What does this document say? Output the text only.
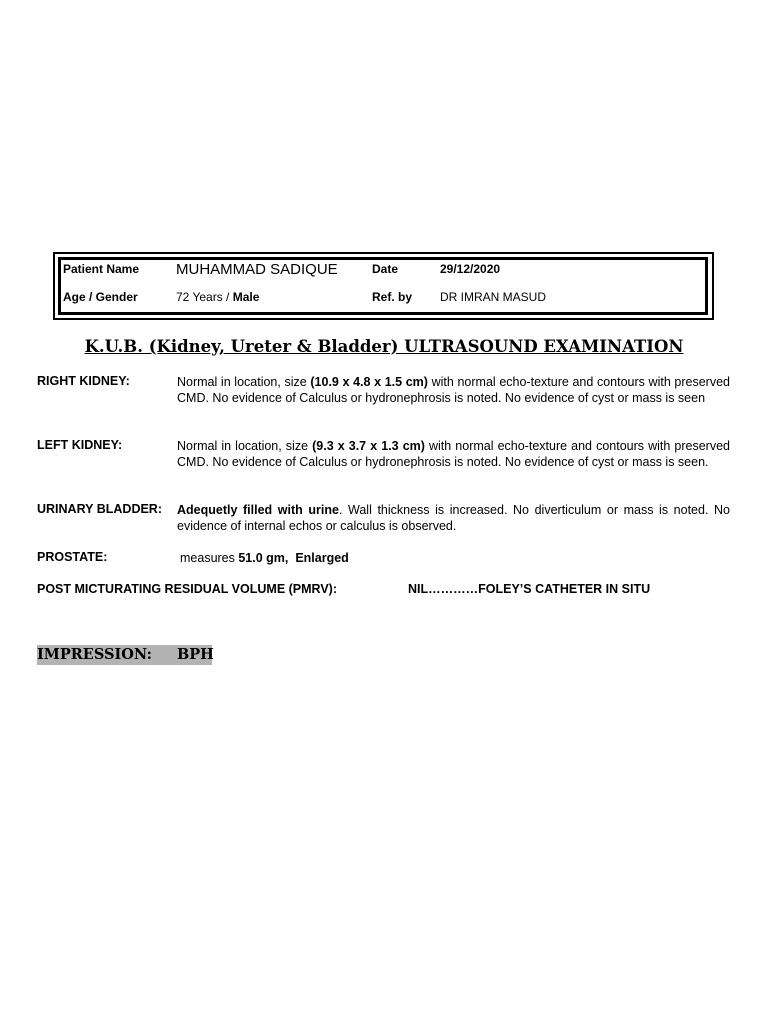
Patient Name MUHAMMAD SADIQUE	Date	29/12/2020
Age / Gender	72 Years / Male	Ref. by DR IMRAN MASUD
K.U.B. (Kidney, Ureter & Bladder) ULTRASOUND EXAMINATION
RIGHT KIDNEY:	Normal in location, size (10.9 x 4.8 x 1.5 cm) with normal echo-texture and contours with preserved CMD. No evidence of Calculus or hydronephrosis is noted. No evidence of cyst or mass is seen
LEFT KIDNEY:	Normal in location, size (9.3 x 3.7 x 1.3 cm) with normal echo-texture and contours with preserved CMD. No evidence of Calculus or hydronephrosis is noted. No evidence of cyst or mass is seen.
URINARY BLADDER: Adequetly filled with urine. Wall thickness is increased. No diverticulum or mass is noted. No evidence of internal echos or calculus is observed.
PROSTATE:	measures 51.0 gm,  Enlarged
POST MICTURATING RESIDUAL VOLUME (PMRV):	NIL…………FOLEY’S CATHETER IN SITU
IMPRESSION: BPH
